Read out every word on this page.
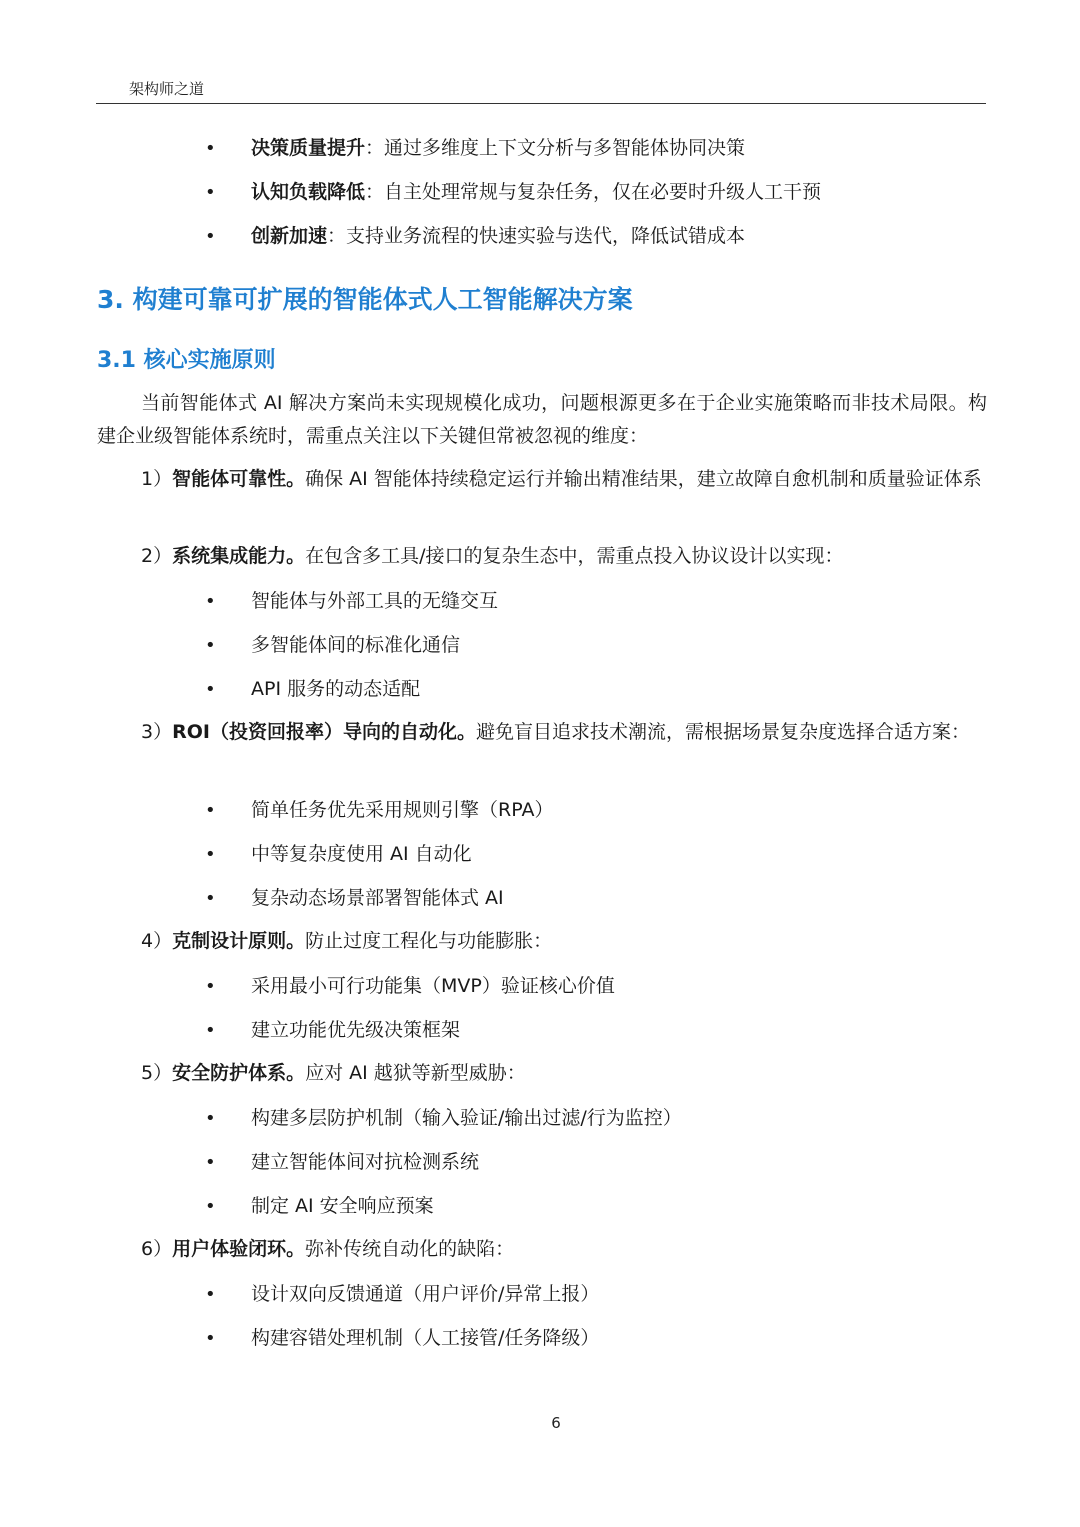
架构师之道
• 决策质量提升：通过多维度上下文分析与多智能体协同决策
• 认知负载降低：自主处理常规与复杂任务，仅在必要时升级人工干预
• 创新加速：支持业务流程的快速实验与迭代，降低试错成本
3. 构建可靠可扩展的智能体式人工智能解决方案
3.1 核心实施原则
当前智能体式 AI 解决方案尚未实现规模化成功，问题根源更多在于企业实施策略而非技术局限。构建企业级智能体系统时，需重点关注以下关键但常被忽视的维度：
1）智能体可靠性。确保 AI 智能体持续稳定运行并输出精准结果，建立故障自愈机制和质量验证体系
2）系统集成能力。在包含多工具/接口的复杂生态中，需重点投入协议设计以实现：
• 智能体与外部工具的无缝交互
• 多智能体间的标准化通信
• API 服务的动态适配
3）ROI（投资回报率）导向的自动化。避免盲目追求技术潮流，需根据场景复杂度选择合适方案：
• 简单任务优先采用规则引擎（RPA）
• 中等复杂度使用 AI 自动化
• 复杂动态场景部署智能体式 AI
4）克制设计原则。防止过度工程化与功能膨胀：
• 采用最小可行功能集（MVP）验证核心价值
• 建立功能优先级决策框架
5）安全防护体系。应对 AI 越狱等新型威胁：
• 构建多层防护机制（输入验证/输出过滤/行为监控）
• 建立智能体间对抗检测系统
• 制定 AI 安全响应预案
6）用户体验闭环。弥补传统自动化的缺陷：
• 设计双向反馈通道（用户评价/异常上报）
• 构建容错处理机制（人工接管/任务降级）
6
